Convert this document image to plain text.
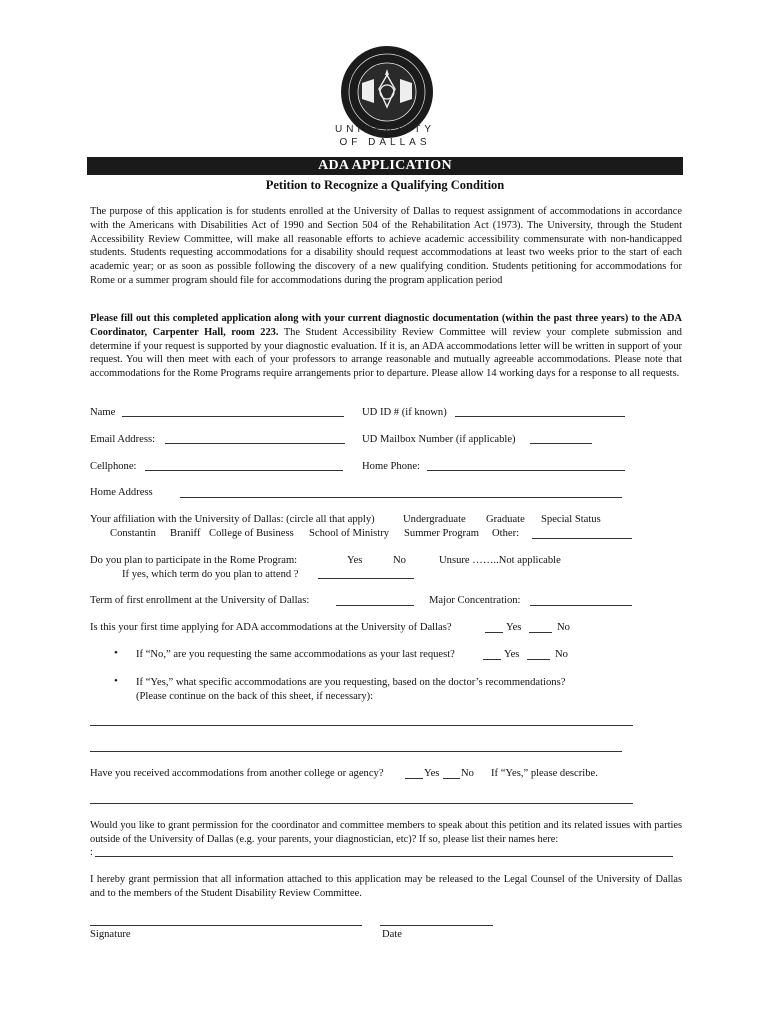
UNIVERSITY
OF DALLAS
ADA APPLICATION
Petition to Recognize a Qualifying Condition
The purpose of this application is for students enrolled at the University of Dallas to request assignment of accommodations in accordance with the Americans with Disabilities Act of 1990 and Section 504 of the Rehabilitation Act (1973). The University, through the Student Accessibility Review Committee, will make all reasonable efforts to achieve academic accessibility commensurate with non-handicapped students. Students requesting accommodations for a disability should request accommodations at least two weeks prior to the start of each academic year; or as soon as possible following the discovery of a new qualifying condition. Students petitioning for accommodations for Rome or a summer program should file for accommodations during the program application period
Please fill out this completed application along with your current diagnostic documentation (within the past three years) to the ADA Coordinator, Carpenter Hall, room 223. The Student Accessibility Review Committee will review your complete submission and determine if your request is supported by your diagnostic evaluation. If it is, an ADA accommodations letter will be written in support of your request. You will then meet with each of your professors to arrange reasonable and mutually agreeable accommodations. Please note that accommodations for the Rome Programs require arrangements prior to departure. Please allow 14 working days for a response to all requests.
Name	UD ID # (if known)
Email Address:	UD Mailbox Number (if applicable)
Cellphone:	Home Phone:
Home Address
Your affiliation with the University of Dallas: (circle all that apply)	Undergraduate Graduate Special Status
Constantin Braniff College of Business School of Ministry Summer Program Other:
Do you plan to participate in the Rome Program:	Yes	No	Unsure ……..Not applicable
If yes, which term do you plan to attend ?
Term of first enrollment at the University of Dallas:	Major Concentration:
Is this your first time applying for ADA accommodations at the University of Dallas?	Yes	No
• If “No,” are you requesting the same accommodations as your last request?	Yes	No
• If “Yes,” what specific accommodations are you requesting, based on the doctor’s recommendations?
(Please continue on the back of this sheet, if necessary):
Have you received accommodations from another college or agency?	Yes No If “Yes,” please describe.
Would you like to grant permission for the coordinator and committee members to speak about this petition and its related issues with parties outside of the University of Dallas (e.g. your parents, your diagnostician, etc)? If so, please list their names here:
:
I hereby grant permission that all information attached to this application may be released to the Legal Counsel of the University of Dallas and to the members of the Student Disability Review Committee.
Signature	Date
